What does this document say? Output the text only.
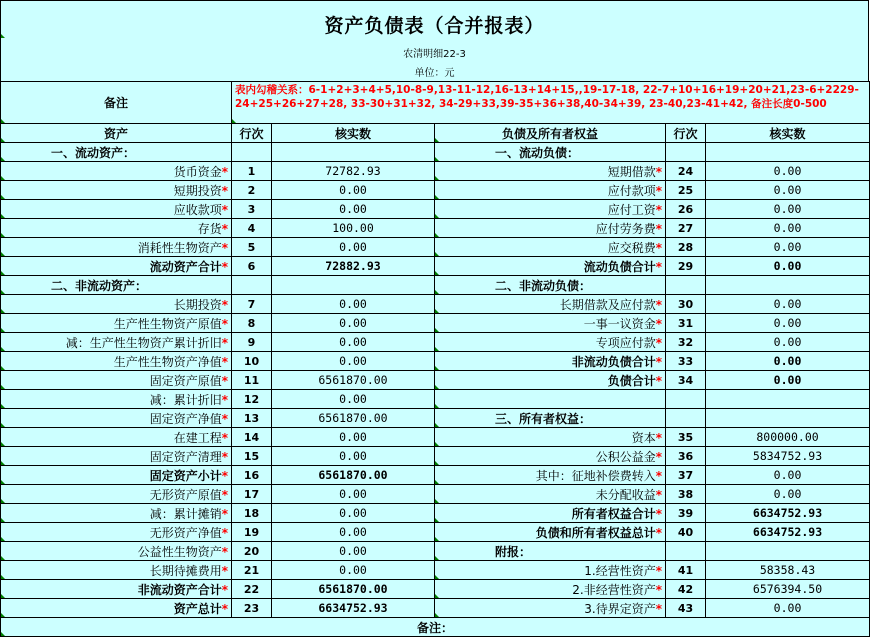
资产负债表（合并报表）
农清明细22-3
单位：元
备注	表内勾稽关系：6-1+2+3+4+5,10-8-9,13-11-12,16-13+14+15,,19-17-18, 22-7+10+16+19+20+21,23-6+2229-24+25+26+27+28, 33-30+31+32, 34-29+33,39-35+36+38,40-34+39, 23-40,23-41+42, 备注长度0-500				
资产	行次	核实数	负债及所有者权益	行次	核实数
一、流动资产：			一、流动负债：		
货币资金*	1	72782.93	短期借款*	24	0.00
短期投资*	2	0.00	应付款项*	25	0.00
应收款项*	3	0.00	应付工资*	26	0.00
存货*	4	100.00	应付劳务费*	27	0.00
消耗性生物资产*	5	0.00	应交税费*	28	0.00
流动资产合计*	6	72882.93	流动负债合计*	29	0.00
二、非流动资产：			二、非流动负债：		
长期投资*	7	0.00	长期借款及应付款*	30	0.00
生产性生物资产原值*	8	0.00	一事一议资金*	31	0.00
减：生产性生物资产累计折旧*	9	0.00	专项应付款*	32	0.00
生产性生物资产净值*	10	0.00	非流动负债合计*	33	0.00
固定资产原值*	11	6561870.00	负债合计*	34	0.00
减：累计折旧*	12	0.00			
固定资产净值*	13	6561870.00	三、所有者权益：		
在建工程*	14	0.00	资本*	35	800000.00
固定资产清理*	15	0.00	公积公益金*	36	5834752.93
固定资产小计*	16	6561870.00	其中：征地补偿费转入*	37	0.00
无形资产原值*	17	0.00	未分配收益*	38	0.00
减：累计摊销*	18	0.00	所有者权益合计*	39	6634752.93
无形资产净值*	19	0.00	负债和所有者权益总计*	40	6634752.93
公益性生物资产*	20	0.00	附报：		
长期待摊费用*	21	0.00	1.经营性资产*	41	58358.43
非流动资产合计*	22	6561870.00	2.非经营性资产*	42	6576394.50
资产总计*	23	6634752.93	3.待界定资产*	43	0.00
备注：					
